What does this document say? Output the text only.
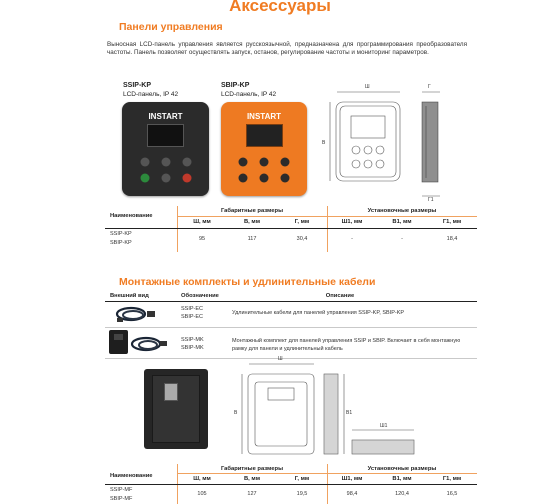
Аксессуары
Панели управления
Выносная LCD-панель управления является русскоязычной, предназначена для программирования преобразователя частоты. Панель позволяет осуществлять запуск, останов, регулирование частоты и мониторинг параметров.
SSIP-KP
LCD-панель, IP 42
INSTART
SBIP-KP
LCD-панель, IP 42
INSTART
Ш
В
Г
Г1
Наименование
Габаритные размеры	Установочные размеры
Ш, мм	В, мм	Г, мм	Ш1, мм	В1, мм	Г1, мм
SSIP-KP
SBIP-KP
95	117	30,4	-	-	18,4
Монтажные комплекты и удлинительные кабели
Внешний вид	Обозначение	Описание
SSIP-EC
SBIP-EC
Удлинительные кабели для панелей управления SSIP-KP, SBIP-KP
SSIP-MK
SBIP-MK
Монтажный комплект для панелей управления SSIP и SBIP. Включает в себя монтажную рамку для панели и удлинительный кабель
Ш
В	В1
Ш1
Наименование
Габаритные размеры	Установочные размеры
Ш, мм	В, мм	Г, мм	Ш1, мм	В1, мм	Г1, мм
SSIP-MF
SBIP-MF
105	127	19,5	98,4	120,4	16,5
